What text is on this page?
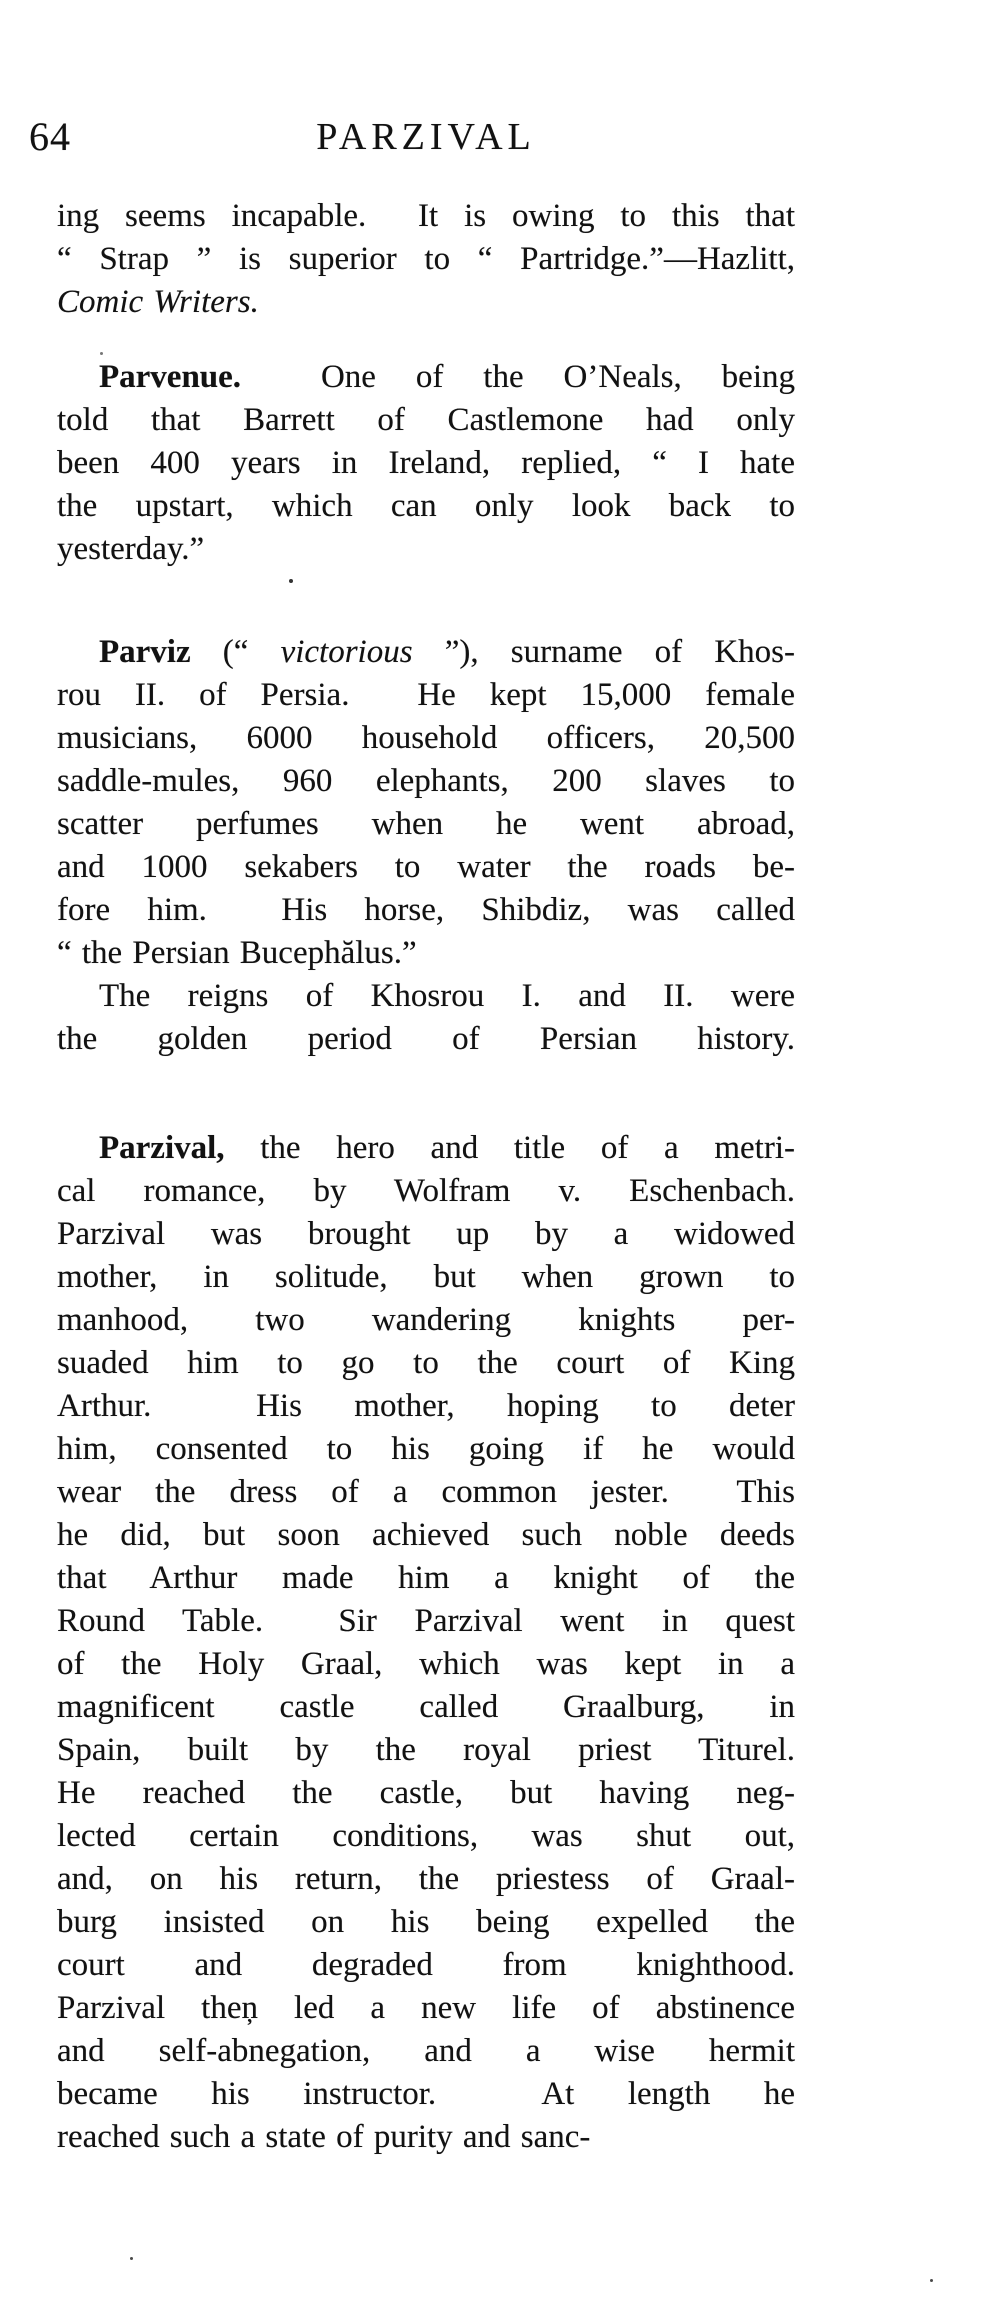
64	PARZIVAL
ing seems incapable.  It is owing to this that
“ Strap ” is superior to “ Partridge.”—Hazlitt,
Comic Writers.
Parvenue.  One of the O’Neals, being
told that Barrett of Castlemone had only
been 400 years in Ireland, replied, “ I hate
the upstart, which can only look back to
yesterday.”
Parviz (“ victorious ”), surname of Khos-
rou II. of Persia.  He kept 15,000 female
musicians, 6000 household officers, 20,500
saddle-mules, 960 elephants, 200 slaves to
scatter perfumes when he went abroad,
and 1000 sekabers to water the roads be-
fore him.  His horse, Shibdiz, was called
“ the Persian Bucephălus.”
The reigns of Khosrou I. and II. were
the golden period of Persian history.
Parzival, the hero and title of a metri-
cal romance, by Wolfram v. Eschenbach.
Parzival was brought up by a widowed
mother, in solitude, but when grown to
manhood, two wandering knights per-
suaded him to go to the court of King
Arthur.  His mother, hoping to deter
him, consented to his going if he would
wear the dress of a common jester.  This
he did, but soon achieved such noble deeds
that Arthur made him a knight of the
Round Table.  Sir Parzival went in quest
of the Holy Graal, which was kept in a
magnificent castle called Graalburg, in
Spain, built by the royal priest Titurel.
He reached the castle, but having neg-
lected certain conditions, was shut out,
and, on his return, the priestess of Graal-
burg insisted on his being expelled the
court and degraded from knighthood.
Parzival theņ led a new life of abstinence
and self-abnegation, and a wise hermit
became his instructor.  At length he
reached such a state of purity and sanc-
